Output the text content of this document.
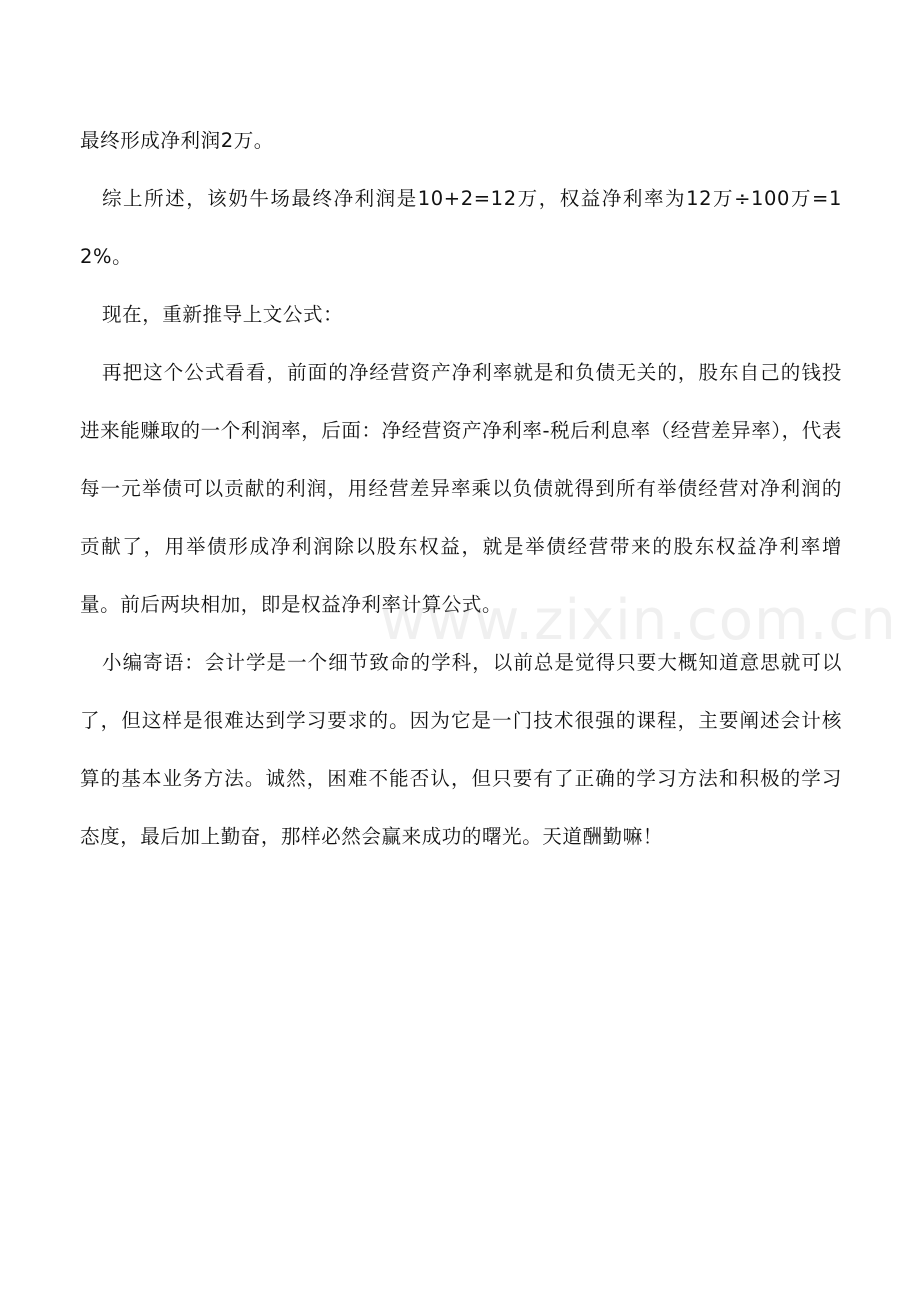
最终形成净利润2万。

综上所述，该奶牛场最终净利润是10+2=12万，权益净利率为12万÷100万=12%。

现在，重新推导上文公式：

再把这个公式看看，前面的净经营资产净利率就是和负债无关的，股东自己的钱投进来能赚取的一个利润率，后面：净经营资产净利率-税后利息率（经营差异率），代表每一元举债可以贡献的利润，用经营差异率乘以负债就得到所有举债经营对净利润的贡献了，用举债形成净利润除以股东权益，就是举债经营带来的股东权益净利率增量。前后两块相加，即是权益净利率计算公式。

小编寄语：会计学是一个细节致命的学科，以前总是觉得只要大概知道意思就可以了，但这样是很难达到学习要求的。因为它是一门技术很强的课程，主要阐述会计核算的基本业务方法。诚然，困难不能否认，但只要有了正确的学习方法和积极的学习态度，最后加上勤奋，那样必然会赢来成功的曙光。天道酬勤嘛！

www.zixin.com.cn
